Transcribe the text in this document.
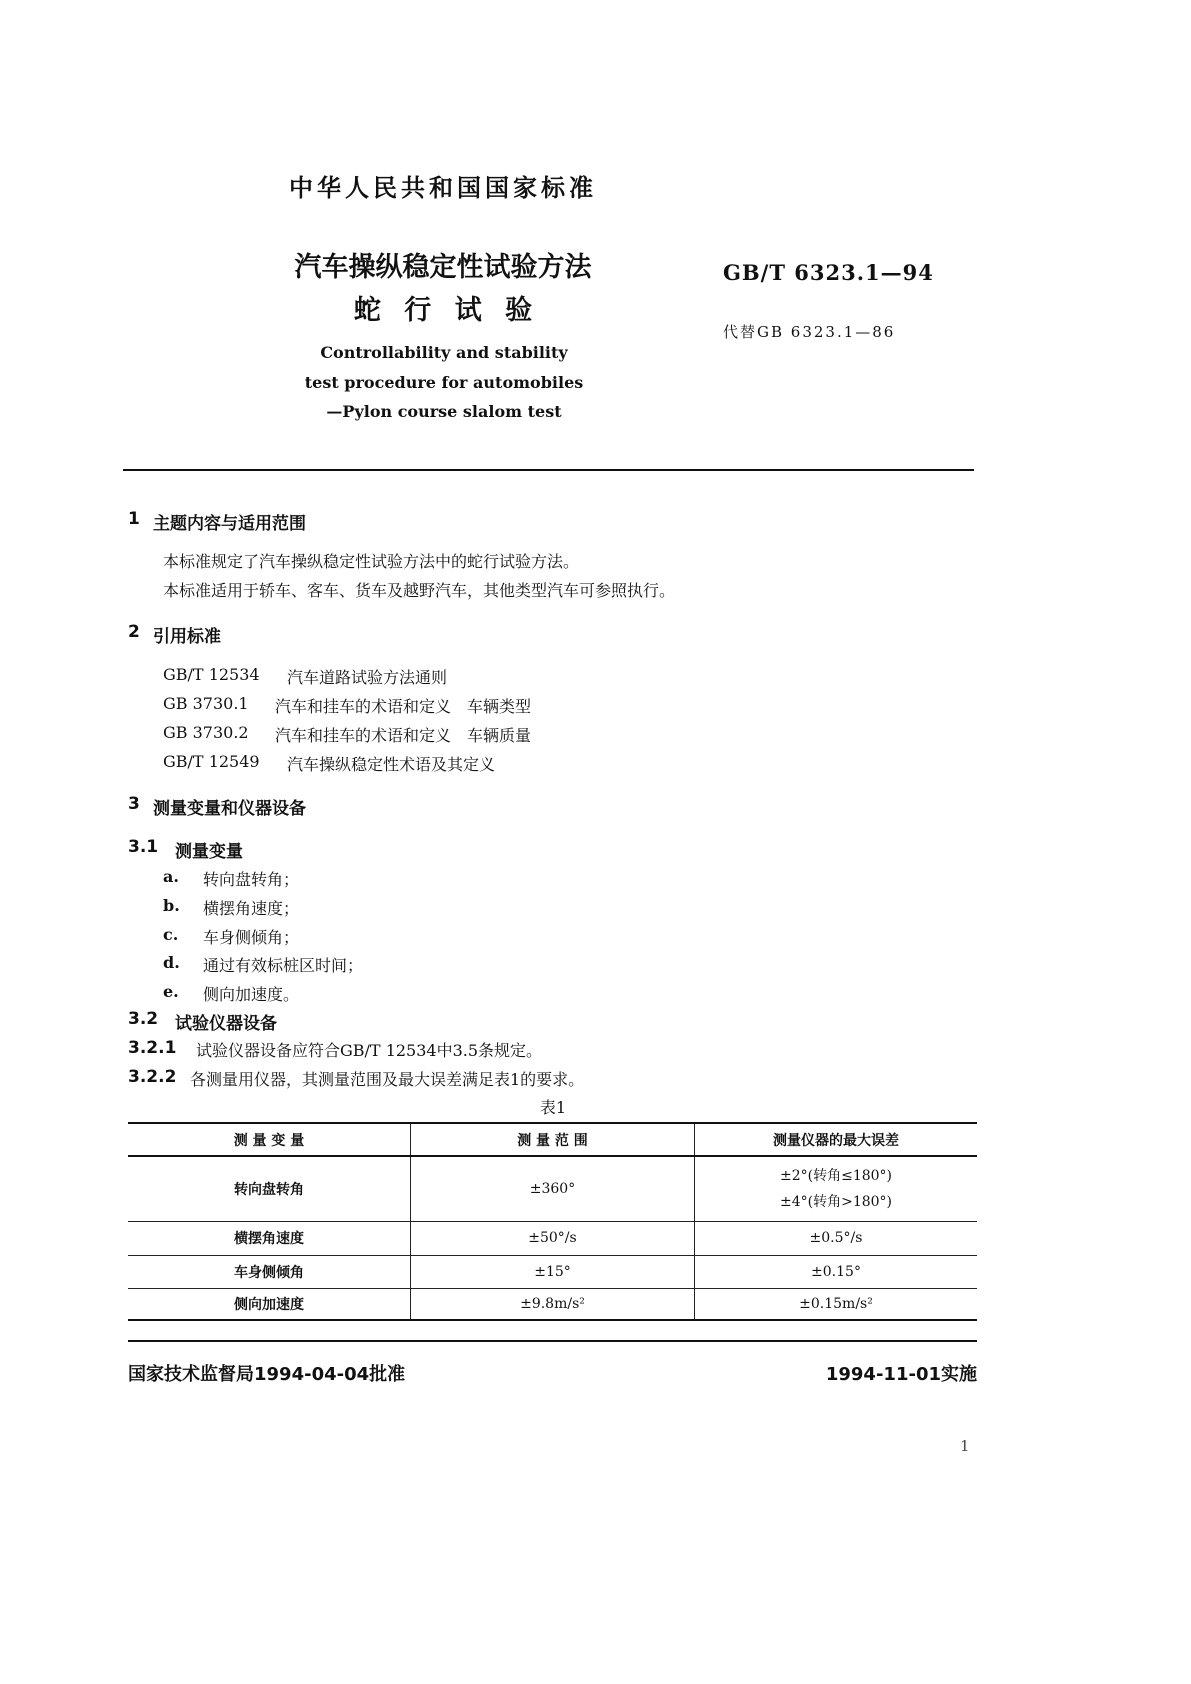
中华人民共和国国家标准
汽车操纵稳定性试验方法
蛇 行 试 验
GB/T 6323.1—94
代替GB 6323.1—86
Controllability and stability
test procedure for automobiles
—Pylon course slalom test
1 主题内容与适用范围
本标准规定了汽车操纵稳定性试验方法中的蛇行试验方法。
本标准适用于轿车、客车、货车及越野汽车，其他类型汽车可参照执行。
2 引用标准
GB/T 12534 汽车道路试验方法通则
GB 3730.1 汽车和挂车的术语和定义　车辆类型
GB 3730.2 汽车和挂车的术语和定义　车辆质量
GB/T 12549 汽车操纵稳定性术语及其定义
3 测量变量和仪器设备
3.1 测量变量
a. 转向盘转角；
b. 横摆角速度；
c. 车身侧倾角；
d. 通过有效标桩区时间；
e. 侧向加速度。
3.2 试验仪器设备
3.2.1 试验仪器设备应符合GB/T 12534中3.5条规定。
3.2.2 各测量用仪器，其测量范围及最大误差满足表1的要求。
表1
测 量 变 量	测 量 范 围	测量仪器的最大误差
转向盘转角	±360°	±2°(转角≤180°)
±4°(转角>180°)

横摆角速度	±50°/s	±0.5°/s
车身侧倾角	±15°	±0.15°
侧向加速度	±9.8m/s²	±0.15m/s²
国家技术监督局1994-04-04批准	1994-11-01实施
1
